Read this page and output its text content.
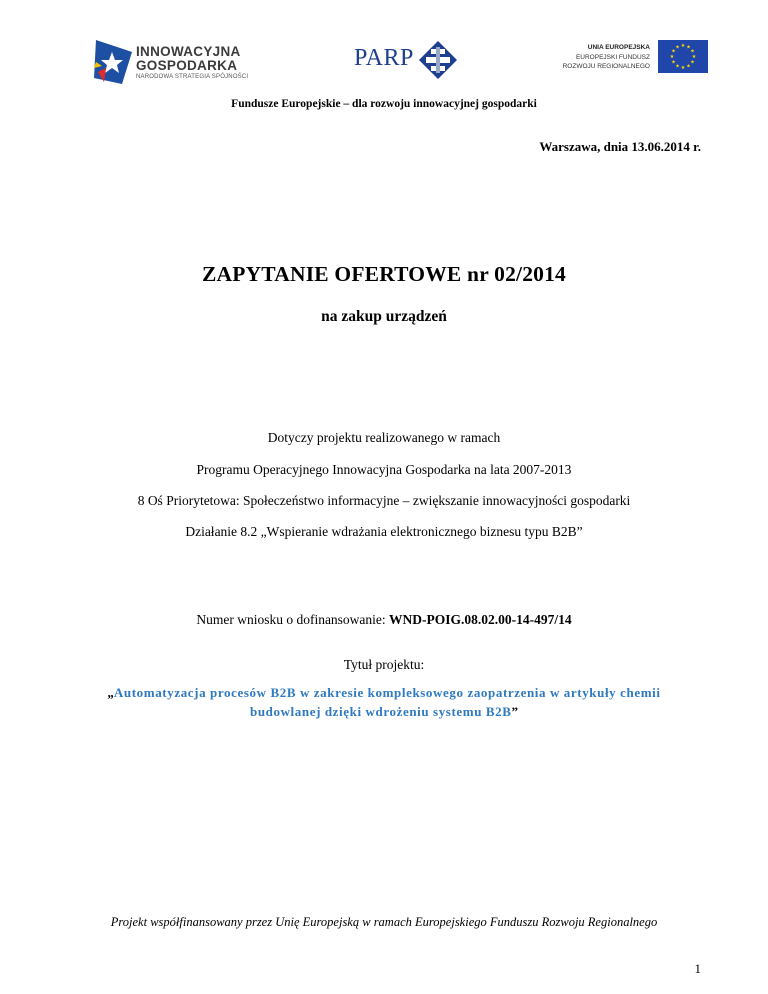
INNOWACYJNA
GOSPODARKA
NARODOWA STRATEGIA SPÓJNOŚCI
PARP	UNIA EUROPEJSKA
EUROPEJSKI FUNDUSZ
ROZWOJU REGIONALNEGO
★ ★
★
★
★
★
★
★
★
★
★
★
Fundusze Europejskie – dla rozwoju innowacyjnej gospodarki
Warszawa, dnia 13.06.2014 r.
ZAPYTANIE OFERTOWE nr 02/2014
na zakup urządzeń
Dotyczy projektu realizowanego w ramach
Programu Operacyjnego Innowacyjna Gospodarka na lata 2007-2013
8 Oś Priorytetowa: Społeczeństwo informacyjne – zwiększanie innowacyjności gospodarki
Działanie 8.2 „Wspieranie wdrażania elektronicznego biznesu typu B2B”
Numer wniosku o dofinansowanie: WND-POIG.08.02.00-14-497/14
Tytuł projektu:
„Automatyzacja procesów B2B w zakresie kompleksowego zaopatrzenia w artykuły chemii
budowlanej dzięki wdrożeniu systemu B2B”
Projekt współfinansowany przez Unię Europejską w ramach Europejskiego Funduszu Rozwoju Regionalnego
1
